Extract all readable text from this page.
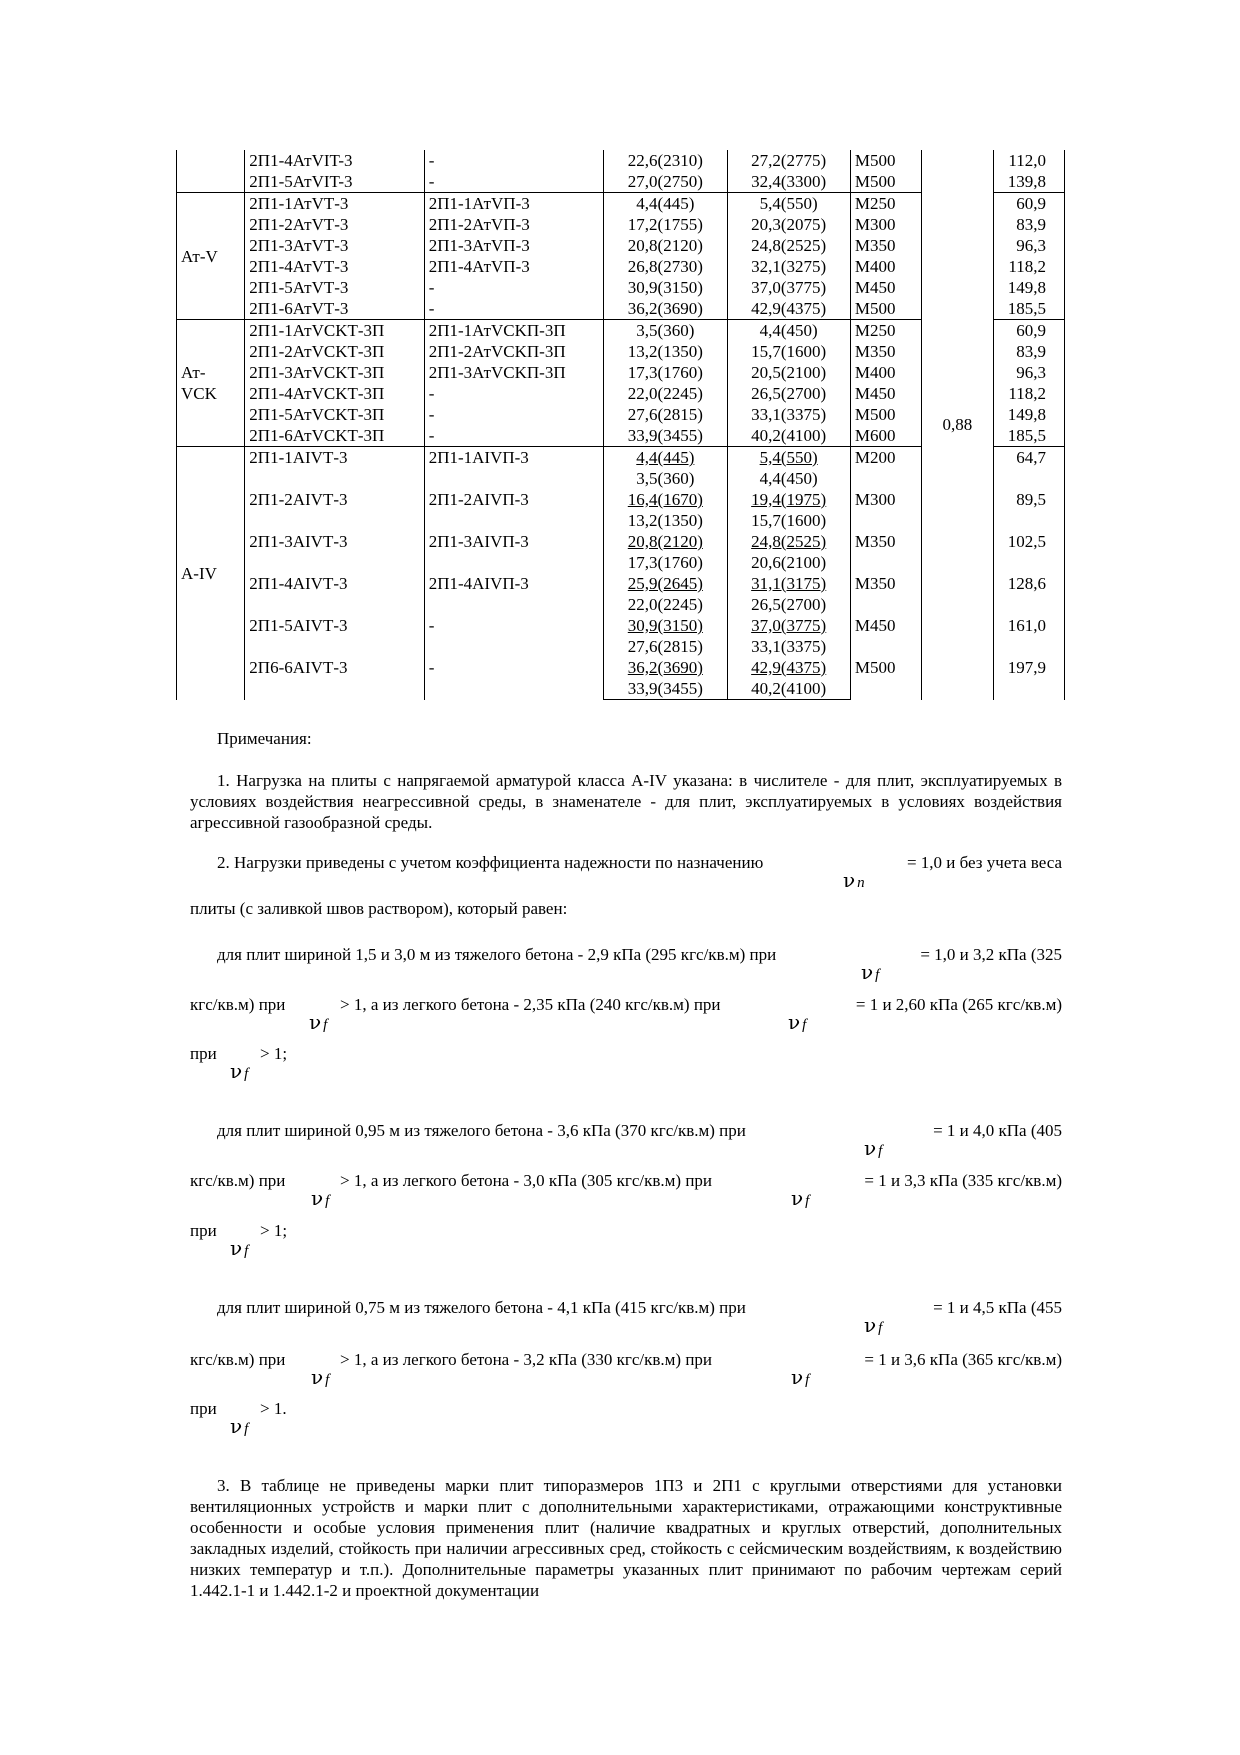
	2П1-4АтVIT-3	-	22,6(2310)	27,2(2775)	М500	0,88	112,0
	2П1-5АтVIT-3	-	27,0(2750)	32,4(3300)	М500		139,8
Ат-V	2П1-1АтVТ-3	2П1-1АтVП-3	4,4(445)	5,4(550)	М250		60,9
	2П1-2АтVТ-3	2П1-2АтVП-3	17,2(1755)	20,3(2075)	М300		83,9
	2П1-3АтVТ-3	2П1-3АтVП-3	20,8(2120)	24,8(2525)	М350		96,3
	2П1-4АтVТ-3	2П1-4АтVП-3	26,8(2730)	32,1(3275)	М400		118,2
	2П1-5АтVТ-3	-	30,9(3150)	37,0(3775)	М450		149,8
	2П1-6АтVТ-3	-	36,2(3690)	42,9(4375)	М500		185,5

Ат-
VCK	2П1-1АтVCKТ-3П	2П1-1АтVCKП-3П	3,5(360)	4,4(450)	М250		60,9
	2П1-2АтVCKТ-3П	2П1-2АтVCKП-3П	13,2(1350)	15,7(1600)	М350		83,9
	2П1-3АтVCKТ-3П	2П1-3АтVCKП-3П	17,3(1760)	20,5(2100)	М400		96,3
	2П1-4АтVCKТ-3П	-	22,0(2245)	26,5(2700)	М450		118,2
	2П1-5АтVCKТ-3П	-	27,6(2815)	33,1(3375)	М500		149,8
	2П1-6АтVCKТ-3П	-	33,9(3455)	40,2(4100)	М600		185,5
A-IV	2П1-1AIVТ-3	2П1-1AIVП-3	4,4(445)	5,4(550)	М200		64,7
			3,5(360)	4,4(450)			
	2П1-2AIVТ-3	2П1-2AIVП-3	16,4(1670)	19,4(1975)	М300		89,5
			13,2(1350)	15,7(1600)			
	2П1-3AIVТ-3	2П1-3AIVП-3	20,8(2120)	24,8(2525)	М350		102,5
			17,3(1760)	20,6(2100)			
	2П1-4AIVТ-3	2П1-4AIVП-3	25,9(2645)	31,1(3175)	М350		128,6
			22,0(2245)	26,5(2700)			
	2П1-5AIVТ-3	-	30,9(3150)	37,0(3775)	М450		161,0
			27,6(2815)	33,1(3375)			
	2П6-6AIVТ-3	-	36,2(3690)	42,9(4375)	М500		197,9
			33,9(3455)	40,2(4100)			
Примечания:
1. Нагрузка на плиты с напрягаемой арматурой класса A-IV указана: в числителе - для плит, эксплуатируемых в условиях воздействия неагрессивной среды, в знаменателе - для плит, эксплуатируемых в условиях воздействия агрессивной газообразной среды.
2. Нагрузки приведены с учетом коэффициента надежности по назначению	= 1,0 и без учета веса
ν n
плиты (с заливкой швов раствором), который равен:
для плит шириной 1,5 и 3,0 м из тяжелого бетона - 2,9 кПа (295 кгс/кв.м) при	= 1,0 и 3,2 кПа (325
ν f
кгс/кв.м) при	> 1, а из легкого бетона - 2,35 кПа (240 кгс/кв.м) при	= 1 и 2,60 кПа (265 кгс/кв.м)
ν f	ν f
при	> 1;
ν f
для плит шириной 0,95 м из тяжелого бетона - 3,6 кПа (370 кгс/кв.м) при	= 1 и 4,0 кПа (405
ν f
кгс/кв.м) при	> 1, а из легкого бетона - 3,0 кПа (305 кгс/кв.м) при	= 1 и 3,3 кПа (335 кгс/кв.м)
ν f	ν f
при	> 1;
ν f
для плит шириной 0,75 м из тяжелого бетона - 4,1 кПа (415 кгс/кв.м) при	= 1 и 4,5 кПа (455
ν f
кгс/кв.м) при	> 1, а из легкого бетона - 3,2 кПа (330 кгс/кв.м) при	= 1 и 3,6 кПа (365 кгс/кв.м)
ν f	ν f
при	> 1.
ν f
3. В таблице не приведены марки плит типоразмеров 1П3 и 2П1 с круглыми отверстиями для установки вентиляционных устройств и марки плит с дополнительными характеристиками, отражающими конструктивные особенности и особые условия применения плит (наличие квадратных и круглых отверстий, дополнительных закладных изделий, стойкость при наличии агрессивных сред, стойкость с сейсмическим воздействиям, к воздействию низких температур и т.п.). Дополнительные параметры указанных плит принимают по рабочим чертежам серий 1.442.1-1 и 1.442.1-2 и проектной документации
